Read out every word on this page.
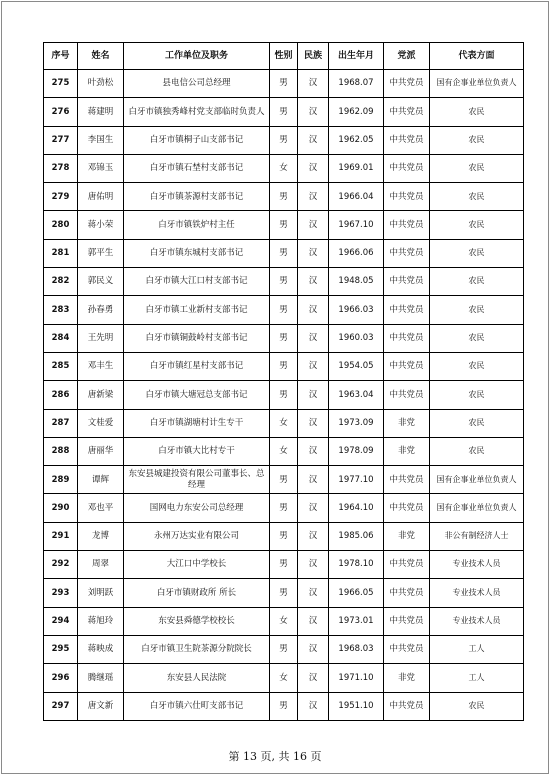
序号	姓名	工作单位及职务	性别	民族	出生年月	党派	代表方面
275	叶劲松	县电信公司总经理	男	汉	1968.07	中共党员	国有企事业单位负责人
276	蒋建明	白牙市镇独秀峰村党支部临时负责人	男	汉	1962.09	中共党员	农民
277	李国生	白牙市镇桐子山支部书记	男	汉	1962.05	中共党员	农民
278	邓锦玉	白牙市镇石埜村支部书记	女	汉	1969.01	中共党员	农民
279	唐佑明	白牙市镇茶源村支部书记	男	汉	1966.04	中共党员	农民
280	蒋小荣	白牙市镇铁炉村主任	男	汉	1967.10	中共党员	农民
281	郭平生	白牙市镇东城村支部书记	男	汉	1966.06	中共党员	农民
282	郭民义	白牙市镇大江口村支部书记	男	汉	1948.05	中共党员	农民
283	孙春勇	白牙市镇工业新村支部书记	男	汉	1966.03	中共党员	农民
284	王先明	白牙市镇铜鼓岭村支部书记	男	汉	1960.03	中共党员	农民
285	邓丰生	白牙市镇红星村支部书记	男	汉	1954.05	中共党员	农民
286	唐新梁	白牙市镇大塘冠总支部书记	男	汉	1963.04	中共党员	农民
287	文桂爱	白牙市镇湖塘村计生专干	女	汉	1973.09	非党	农民
288	唐丽华	白牙市镇大比村专干	女	汉	1978.09	非党	农民
289	谭辉	东安县城建投资有限公司董事长、总经理	男	汉	1977.10	中共党员	国有企事业单位负责人
290	邓也平	国网电力东安公司总经理	男	汉	1964.10	中共党员	国有企事业单位负责人
291	龙博	永州万达实业有限公司	男	汉	1985.06	非党	非公有制经济人士
292	周翠	大江口中学校长	男	汉	1978.10	中共党员	专业技术人员
293	刘明跃	白牙市镇财政所 所长	男	汉	1966.05	中共党员	专业技术人员
294	蒋旭玲	东安县舜德学校校长	女	汉	1973.01	中共党员	专业技术人员
295	蒋映成	白牙市镇卫生院茶源分院院长	男	汉	1968.03	中共党员	工人
296	腾继瑶	东安县人民法院	女	汉	1971.10	非党	工人
297	唐文新	白牙市镇六仕町支部书记	男	汉	1951.10	中共党员	农民
第 13 页, 共 16 页
